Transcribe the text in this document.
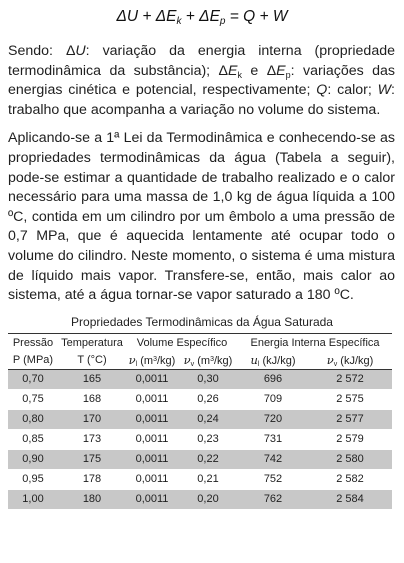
$\Delta U + \Delta E_k + \Delta E_p = Q + W$

Sendo: ΔU: variação da energia interna (propriedade termodinâmica da substância); $\Delta E_k$ e $\Delta E_p$: variações das energias cinética e potencial, respectivamente; Q: calor; W: trabalho que acompanha a variação no volume do sistema.

Aplicando-se a 1ª Lei da Termodinâmica e conhecendo-se as propriedades termodinâmicas da água (Tabela a seguir), pode-se estimar a quantidade de trabalho realizado e o calor necessário para uma massa de 1,0 kg de água líquida a 100 ºC, contida em um cilindro por um êmbolo a uma pressão de 0,7 MPa, que é aquecida lentamente até ocupar todo o volume do cilindro. Neste momento, o sistema é uma mistura de líquido mais vapor. Transfere-se, então, mais calor ao sistema, até a água tornar-se vapor saturado a 180 ºC.

Propriedades Termodinâmicas da Água Saturada
Pressão	Temperatura	Volume Específico		Energia Interna Específica	
P (MPa)	T (°C)	$\nu_l$ $(m^3/kg)$	$\nu_v$ $(m^3/kg)$	$u_l$ (kJ/kg)	$\nu_v$ (kJ/kg)
0,70	165	0,0011	0,30	696	2 572
0,75	168	0,0011	0,26	709	2 575
0,80	170	0,0011	0,24	720	2 577
0,85	173	0,0011	0,23	731	2 579
0,90	175	0,0011	0,22	742	2 580
0,95	178	0,0011	0,21	752	2 582
1,00	180	0,0011	0,20	762	2 584
